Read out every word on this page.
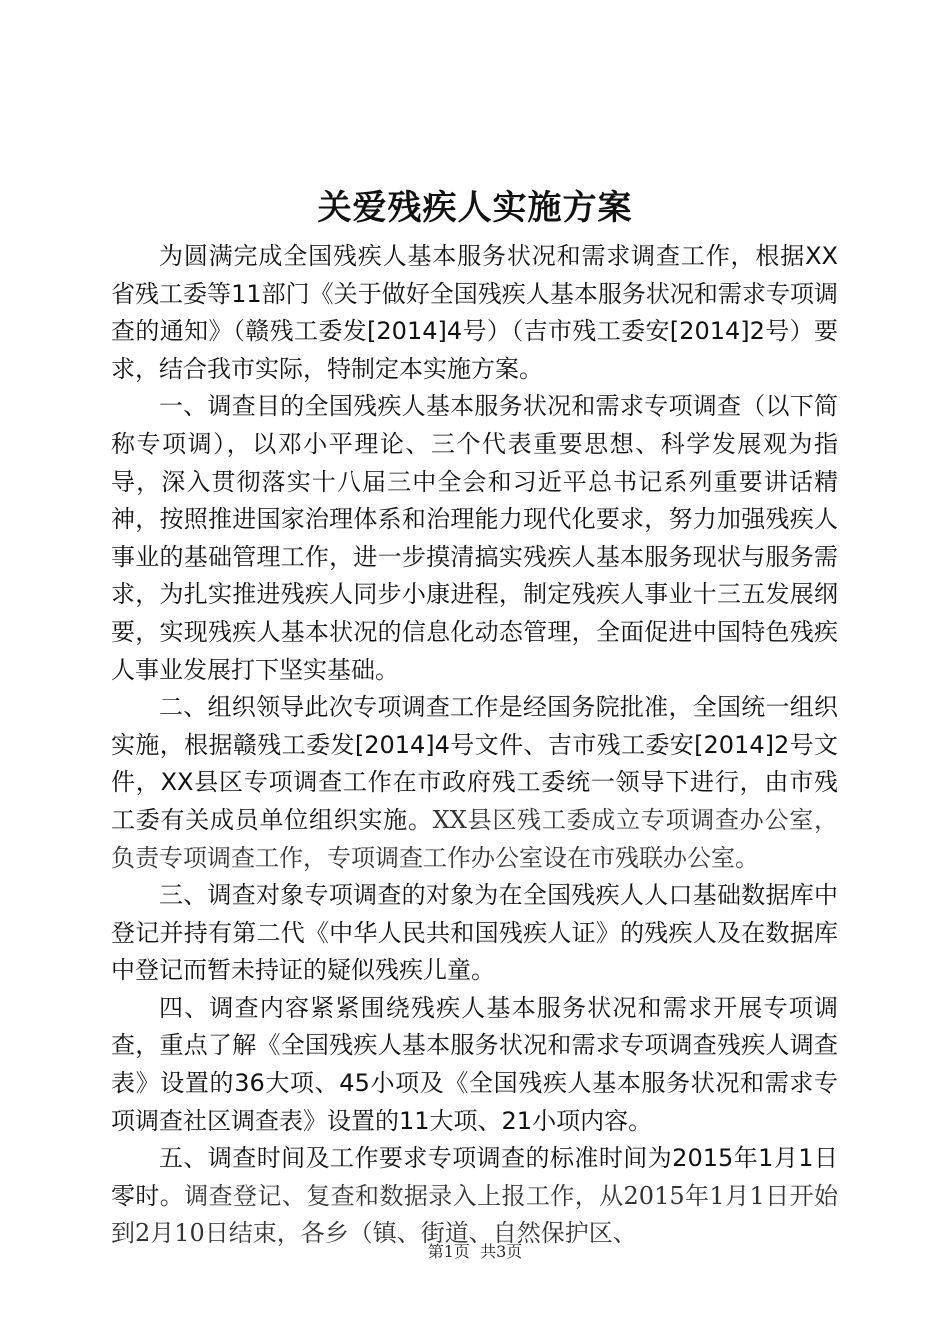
关爱残疾人实施方案

为圆满完成全国残疾人基本服务状况和需求调查工作，根据XX省残工委等11部门《关于做好全国残疾人基本服务状况和需求专项调查的通知》（赣残工委发[2014]4号）（吉市残工委安[2014]2号）要求，结合我市实际，特制定本实施方案。

一、调查目的全国残疾人基本服务状况和需求专项调查（以下简称专项调），以邓小平理论、三个代表重要思想、科学发展观为指导，深入贯彻落实十八届三中全会和习近平总书记系列重要讲话精神，按照推进国家治理体系和治理能力现代化要求，努力加强残疾人事业的基础管理工作，进一步摸清搞实残疾人基本服务现状与服务需求，为扎实推进残疾人同步小康进程，制定残疾人事业十三五发展纲要，实现残疾人基本状况的信息化动态管理，全面促进中国特色残疾人事业发展打下坚实基础。

二、组织领导此次专项调查工作是经国务院批准，全国统一组织实施，根据赣残工委发[2014]4号文件、吉市残工委安[2014]2号文件，XX县区专项调查工作在市政府残工委统一领导下进行，由市残工委有关成员单位组织实施。XX县区残工委成立专项调查办公室，负责专项调查工作，专项调查工作办公室设在市残联办公室。

三、调查对象专项调查的对象为在全国残疾人人口基础数据库中登记并持有第二代《中华人民共和国残疾人证》的残疾人及在数据库中登记而暂未持证的疑似残疾儿童。

四、调查内容紧紧围绕残疾人基本服务状况和需求开展专项调查，重点了解《全国残疾人基本服务状况和需求专项调查残疾人调查表》设置的36大项、45小项及《全国残疾人基本服务状况和需求专项调查社区调查表》设置的11大项、21小项内容。

五、调查时间及工作要求专项调查的标准时间为2015年1月1日零时。调查登记、复查和数据录入上报工作，从2015年1月1日开始到2月10日结束，各乡（镇、街道、自然保护区、

第1页 共3页
